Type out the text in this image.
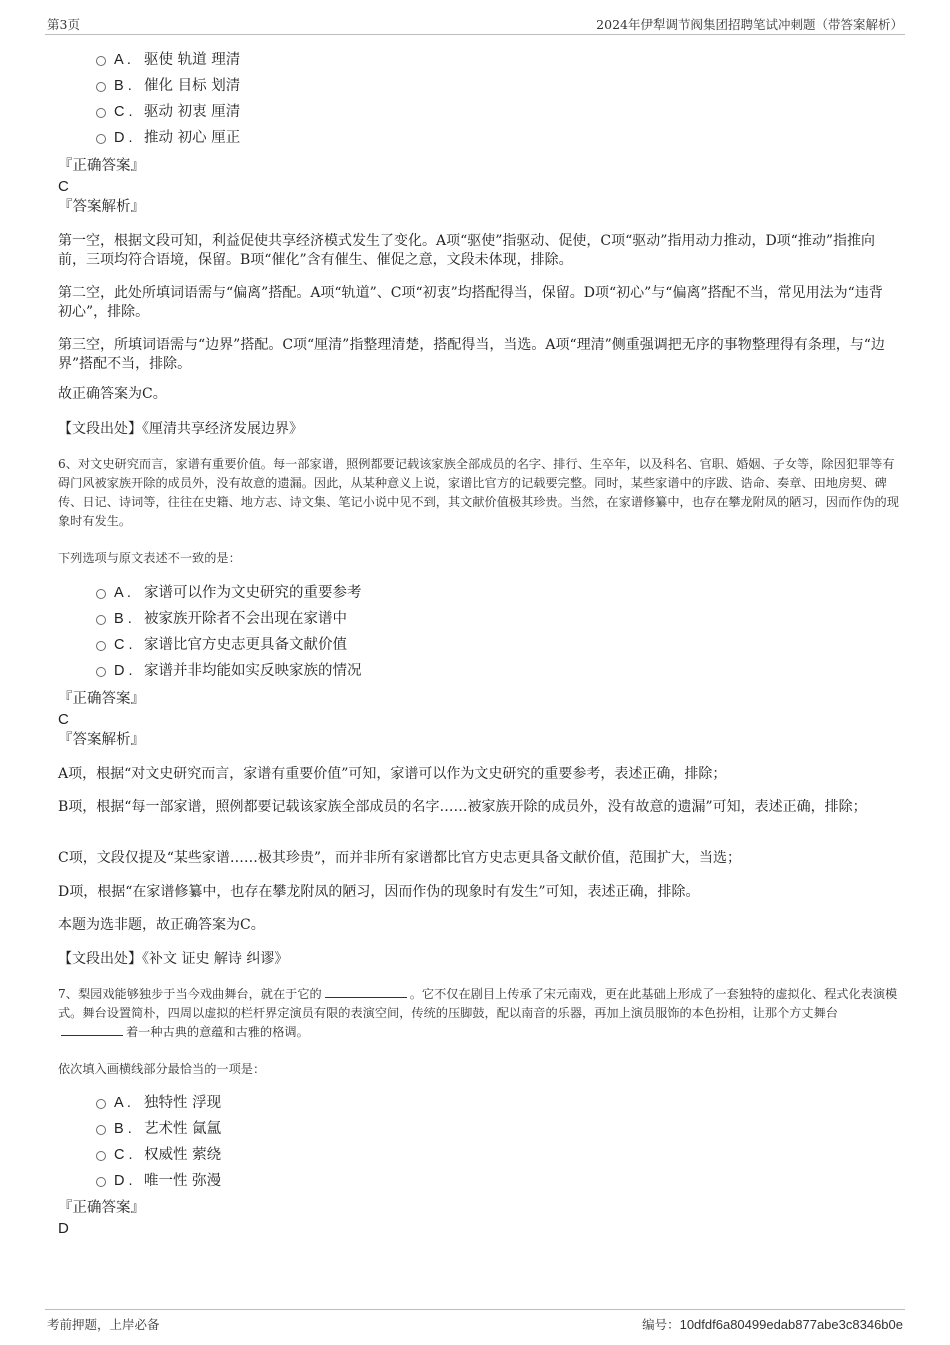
第3页	2024年伊犁调节阀集团招聘笔试冲刺题（带答案解析）
A . 驱使 轨道 理清
B . 催化 目标 划清
C . 驱动 初衷 厘清
D . 推动 初心 厘正
『正确答案』
C
『答案解析』
第一空，根据文段可知，利益促使共享经济模式发生了变化。A项“驱使”指驱动、促使，C项“驱动”指用动力推动，D项“推动”指推向前，三项均符合语境，保留。B项“催化”含有催生、催促之意，文段未体现，排除。
第二空，此处所填词语需与“偏离”搭配。A项“轨道”、C项“初衷”均搭配得当，保留。D项“初心”与“偏离”搭配不当，常见用法为“违背初心”，排除。
第三空，所填词语需与“边界”搭配。C项“厘清”指整理清楚，搭配得当，当选。A项“理清”侧重强调把无序的事物整理得有条理，与“边界”搭配不当，排除。
故正确答案为C。
【文段出处】《厘清共享经济发展边界》
6、对文史研究而言，家谱有重要价值。每一部家谱，照例都要记载该家族全部成员的名字、排行、生卒年，以及科名、官职、婚姻、子女等，除因犯罪等有碍门风被家族开除的成员外，没有故意的遗漏。因此，从某种意义上说，家谱比官方的记载要完整。同时，某些家谱中的序跋、诰命、奏章、田地房契、碑传、日记、诗词等，往往在史籍、地方志、诗文集、笔记小说中见不到，其文献价值极其珍贵。当然，在家谱修纂中，也存在攀龙附凤的陋习，因而作伪的现象时有发生。
下列选项与原文表述不一致的是：
A . 家谱可以作为文史研究的重要参考
B . 被家族开除者不会出现在家谱中
C . 家谱比官方史志更具备文献价值
D . 家谱并非均能如实反映家族的情况
『正确答案』
C
『答案解析』
A项，根据“对文史研究而言，家谱有重要价值”可知，家谱可以作为文史研究的重要参考，表述正确，排除；
B项，根据“每一部家谱，照例都要记载该家族全部成员的名字……被家族开除的成员外，没有故意的遗漏”可知，表述正确，排除；
C项，文段仅提及“某些家谱……极其珍贵”，而并非所有家谱都比官方史志更具备文献价值，范围扩大，当选；
D项，根据“在家谱修纂中，也存在攀龙附凤的陋习，因而作伪的现象时有发生”可知，表述正确，排除。
本题为选非题，故正确答案为C。
【文段出处】《补文 证史 解诗 纠谬》
7、梨园戏能够独步于当今戏曲舞台，就在于它的	。它不仅在剧目上传承了宋元南戏，更在此基础上形成了一套独特的虚拟化、程式化表演模式。舞台设置简朴，四周以虚拟的栏杆界定演员有限的表演空间，传统的压脚鼓，配以南音的乐器，再加上演员服饰的本色扮相，让那个方丈舞台着一种古典的意蕴和古雅的格调。
依次填入画横线部分最恰当的一项是：
A . 独特性 浮现
B . 艺术性 氤氲
C . 权威性 萦绕
D . 唯一性 弥漫
『正确答案』
D
考前押题，上岸必备	编号：10dfdf6a80499edab877abe3c8346b0e
